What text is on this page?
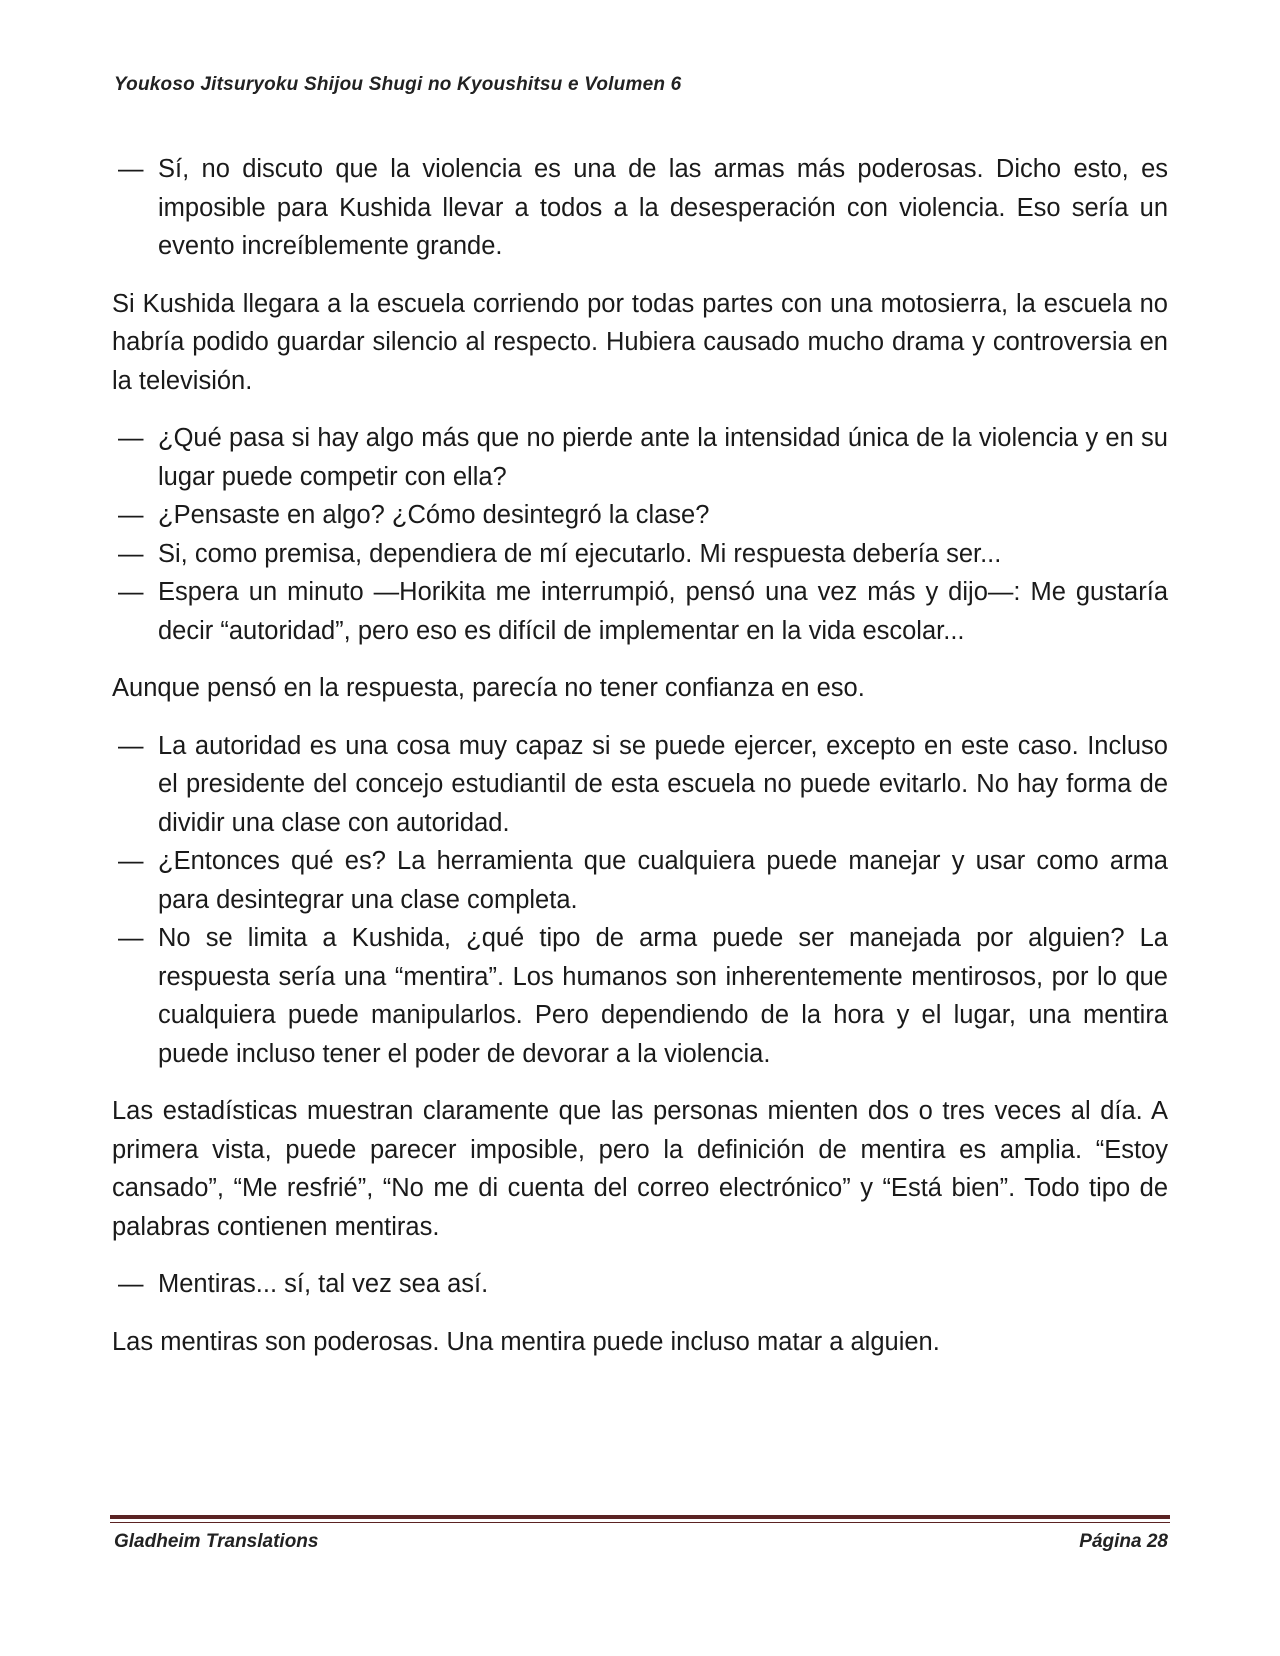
Youkoso Jitsuryoku Shijou Shugi no Kyoushitsu e Volumen 6
— Sí, no discuto que la violencia es una de las armas más poderosas. Dicho esto, es imposible para Kushida llevar a todos a la desesperación con violencia. Eso sería un evento increíblemente grande.

Si Kushida llegara a la escuela corriendo por todas partes con una motosierra, la escuela no habría podido guardar silencio al respecto. Hubiera causado mucho drama y controversia en la televisión.

— ¿Qué pasa si hay algo más que no pierde ante la intensidad única de la violencia y en su lugar puede competir con ella?
— ¿Pensaste en algo? ¿Cómo desintegró la clase?
— Si, como premisa, dependiera de mí ejecutarlo. Mi respuesta debería ser...
— Espera un minuto —Horikita me interrumpió, pensó una vez más y dijo—: Me gustaría decir “autoridad”, pero eso es difícil de implementar en la vida escolar...

Aunque pensó en la respuesta, parecía no tener confianza en eso.

— La autoridad es una cosa muy capaz si se puede ejercer, excepto en este caso. Incluso el presidente del concejo estudiantil de esta escuela no puede evitarlo. No hay forma de dividir una clase con autoridad.
— ¿Entonces qué es? La herramienta que cualquiera puede manejar y usar como arma para desintegrar una clase completa.
— No se limita a Kushida, ¿qué tipo de arma puede ser manejada por alguien? La respuesta sería una “mentira”. Los humanos son inherentemente mentirosos, por lo que cualquiera puede manipularlos. Pero dependiendo de la hora y el lugar, una mentira puede incluso tener el poder de devorar a la violencia.

Las estadísticas muestran claramente que las personas mienten dos o tres veces al día. A primera vista, puede parecer imposible, pero la definición de mentira es amplia. “Estoy cansado”, “Me resfrié”, “No me di cuenta del correo electrónico” y “Está bien”. Todo tipo de palabras contienen mentiras.

— Mentiras... sí, tal vez sea así.

Las mentiras son poderosas. Una mentira puede incluso matar a alguien.

Gladheim Translations	Página 28
